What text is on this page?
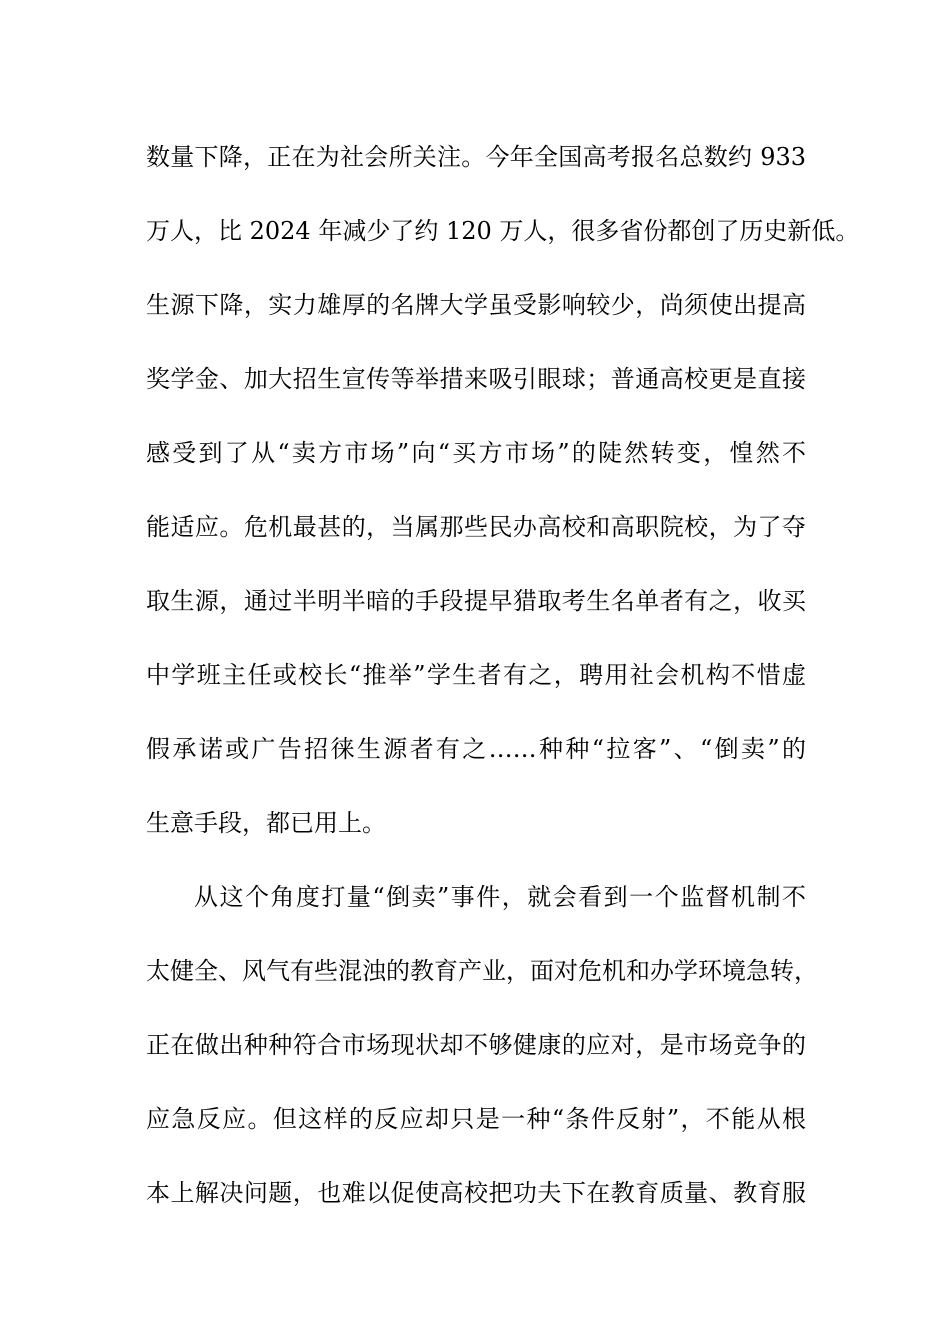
数量下降，正在为社会所关注。今年全国高考报名总数约 933
万人，比 2024 年减少了约 120 万人，很多省份都创了历史新低。
生源下降，实力雄厚的名牌大学虽受影响较少，尚须使出提高
奖学金、加大招生宣传等举措来吸引眼球；普通高校更是直接
感受到了从“卖方市场”向“买方市场”的陡然转变，惶然不
能适应。危机最甚的，当属那些民办高校和高职院校，为了夺
取生源，通过半明半暗的手段提早猎取考生名单者有之，收买
中学班主任或校长“推举”学生者有之，聘用社会机构不惜虚
假承诺或广告招徕生源者有之……种种“拉客”、“倒卖”的
生意手段，都已用上。
从这个角度打量“倒卖”事件，就会看到一个监督机制不
太健全、风气有些混浊的教育产业，面对危机和办学环境急转，
正在做出种种符合市场现状却不够健康的应对，是市场竞争的
应急反应。但这样的反应却只是一种“条件反射”，不能从根
本上解决问题，也难以促使高校把功夫下在教育质量、教育服
